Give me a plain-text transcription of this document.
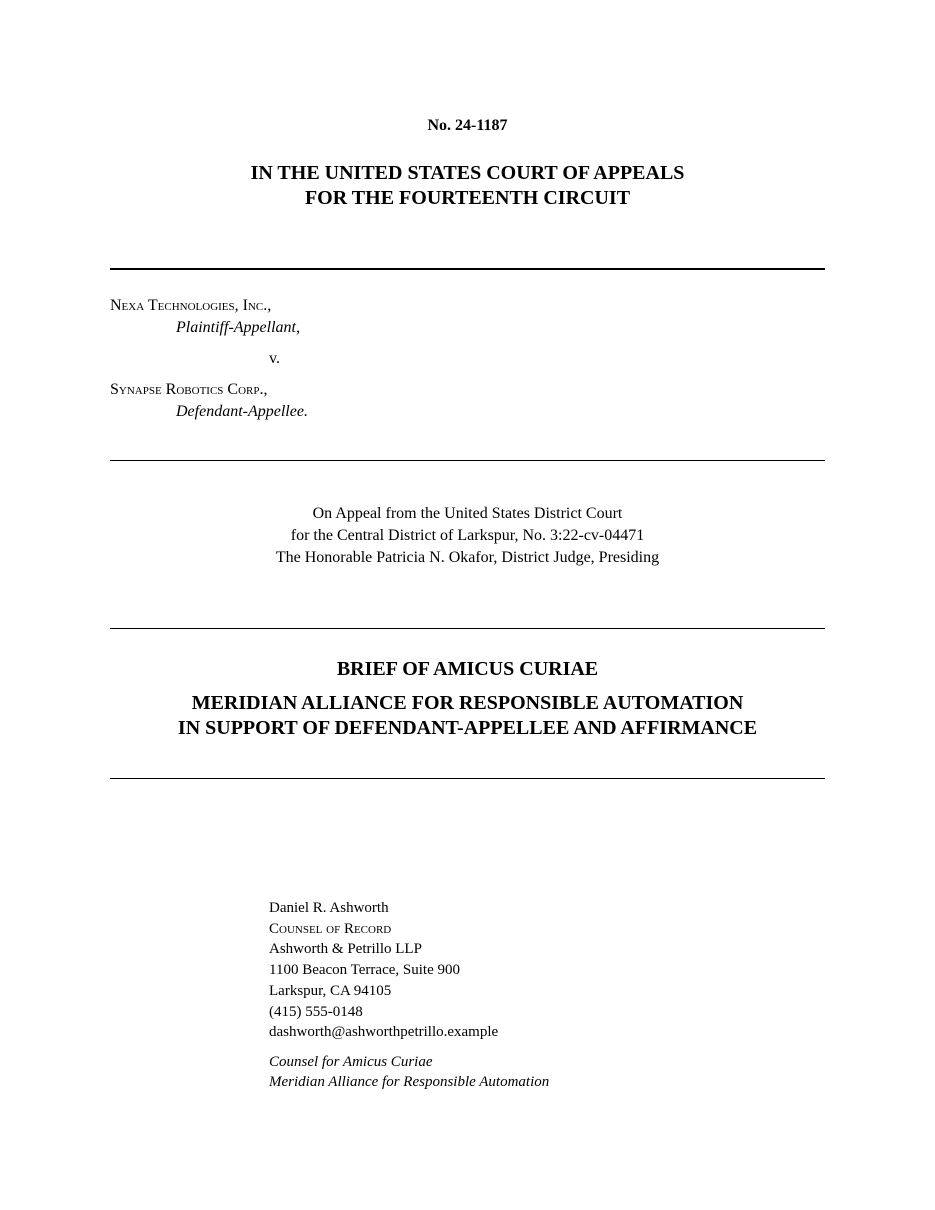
No. 24-1187
IN THE UNITED STATES COURT OF APPEALS
FOR THE FOURTEENTH CIRCUIT
Nexa Technologies, Inc.,
Plaintiff-Appellant,
v.
Synapse Robotics Corp.,
Defendant-Appellee.
On Appeal from the United States District Court
for the Central District of Larkspur, No. 3:22-cv-04471
The Honorable Patricia N. Okafor, District Judge, Presiding
BRIEF OF AMICUS CURIAE
MERIDIAN ALLIANCE FOR RESPONSIBLE AUTOMATION
IN SUPPORT OF DEFENDANT-APPELLEE AND AFFIRMANCE
Daniel R. Ashworth
Counsel of Record
Ashworth & Petrillo LLP
1100 Beacon Terrace, Suite 900
Larkspur, CA 94105
(415) 555-0148
dashworth@ashworthpetrillo.example
Counsel for Amicus Curiae
Meridian Alliance for Responsible Automation
